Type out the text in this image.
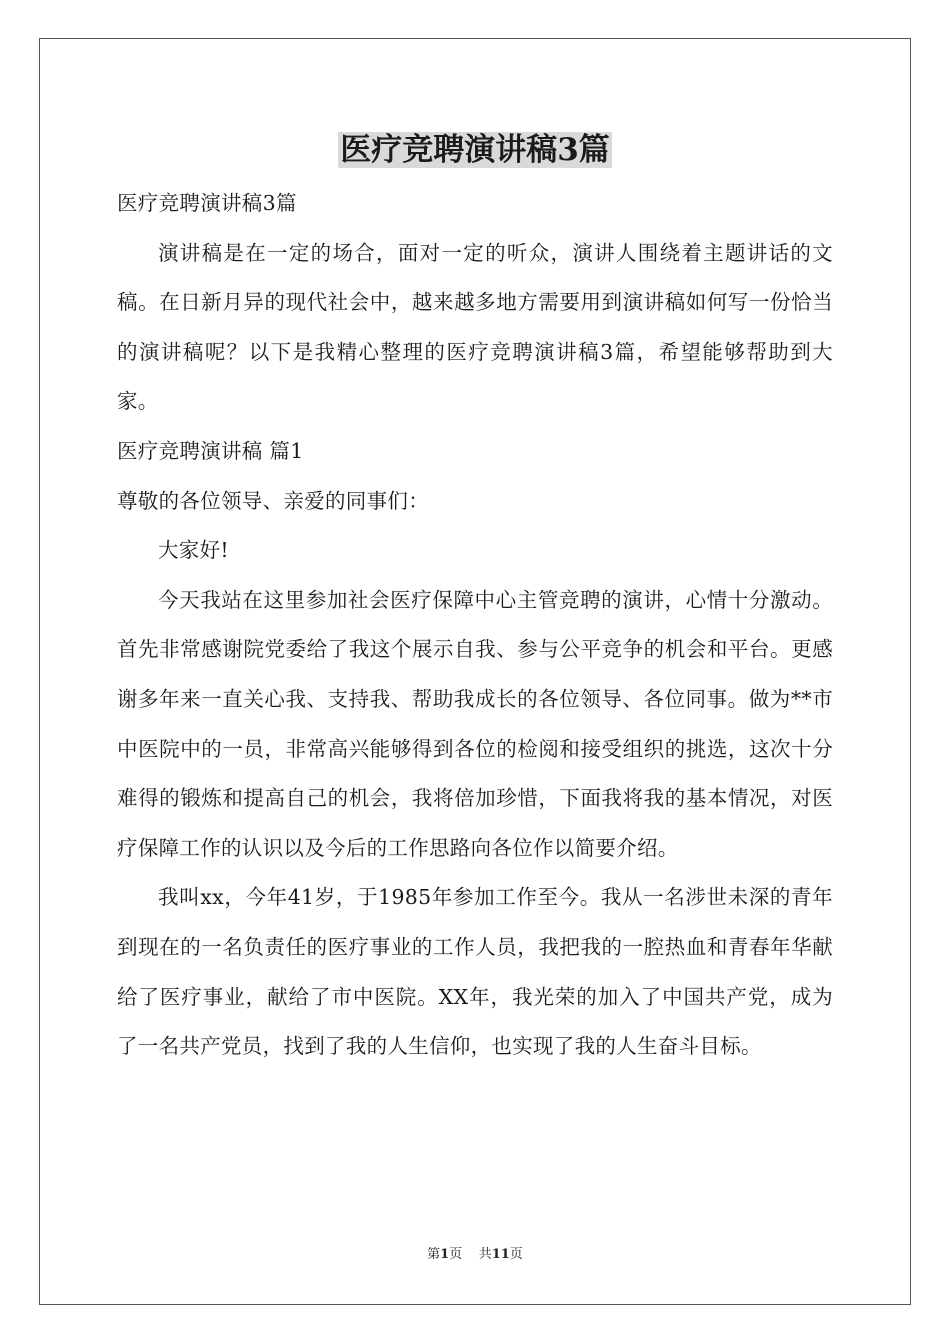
医疗竞聘演讲稿3篇

医疗竞聘演讲稿3篇

演讲稿是在一定的场合，面对一定的听众，演讲人围绕着主题讲话的文稿。在日新月异的现代社会中，越来越多地方需要用到演讲稿如何写一份恰当的演讲稿呢？以下是我精心整理的医疗竞聘演讲稿3篇，希望能够帮助到大家。

医疗竞聘演讲稿 篇1

尊敬的各位领导、亲爱的同事们：

大家好!

今天我站在这里参加社会医疗保障中心主管竞聘的演讲，心情十分激动。首先非常感谢院党委给了我这个展示自我、参与公平竞争的机会和平台。更感谢多年来一直关心我、支持我、帮助我成长的各位领导、各位同事。做为**市中医院中的一员，非常高兴能够得到各位的检阅和接受组织的挑选，这次十分难得的锻炼和提高自己的机会，我将倍加珍惜，下面我将我的基本情况，对医疗保障工作的认识以及今后的工作思路向各位作以简要介绍。

我叫xx，今年41岁，于1985年参加工作至今。我从一名涉世未深的青年到现在的一名负责任的医疗事业的工作人员，我把我的一腔热血和青春年华献给了医疗事业，献给了市中医院。XX年，我光荣的加入了中国共产党，成为了一名共产党员，找到了我的人生信仰，也实现了我的人生奋斗目标。

第1页 共11页
